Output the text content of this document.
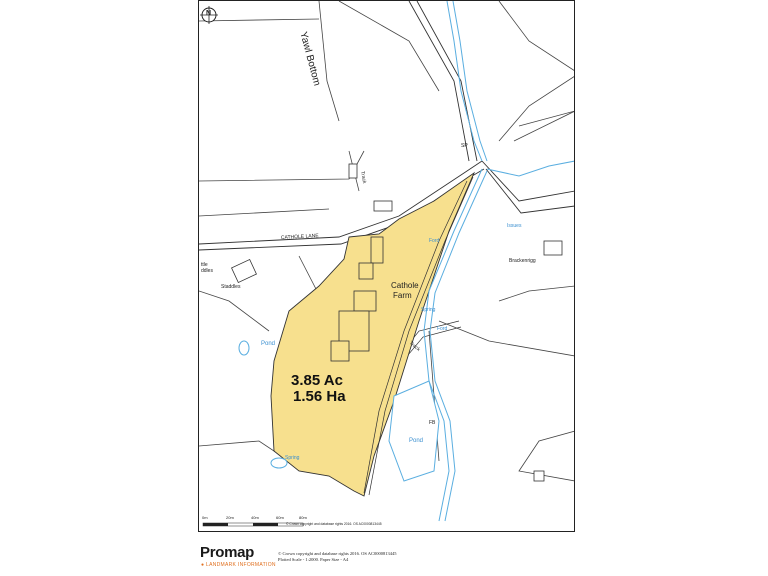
N
Yawl Bottom
CATHOLE LANE
Cathole
Farm
3.85 Ac
1.56 Ha
Pond
Pond
Spring
Spring
Ford
Ford
Issues
Brackenrigg
Staddles
Track
Track
FB
SP
ttle
ddles
0m	20m	40m	60m	80m
© Crown copyright and database rights 2016. OS AC0000813445
Promap
● LANDMARK INFORMATION
© Crown copyright and database rights 2016. OS AC0000813445
Plotted Scale - 1:2000. Paper Size - A4
